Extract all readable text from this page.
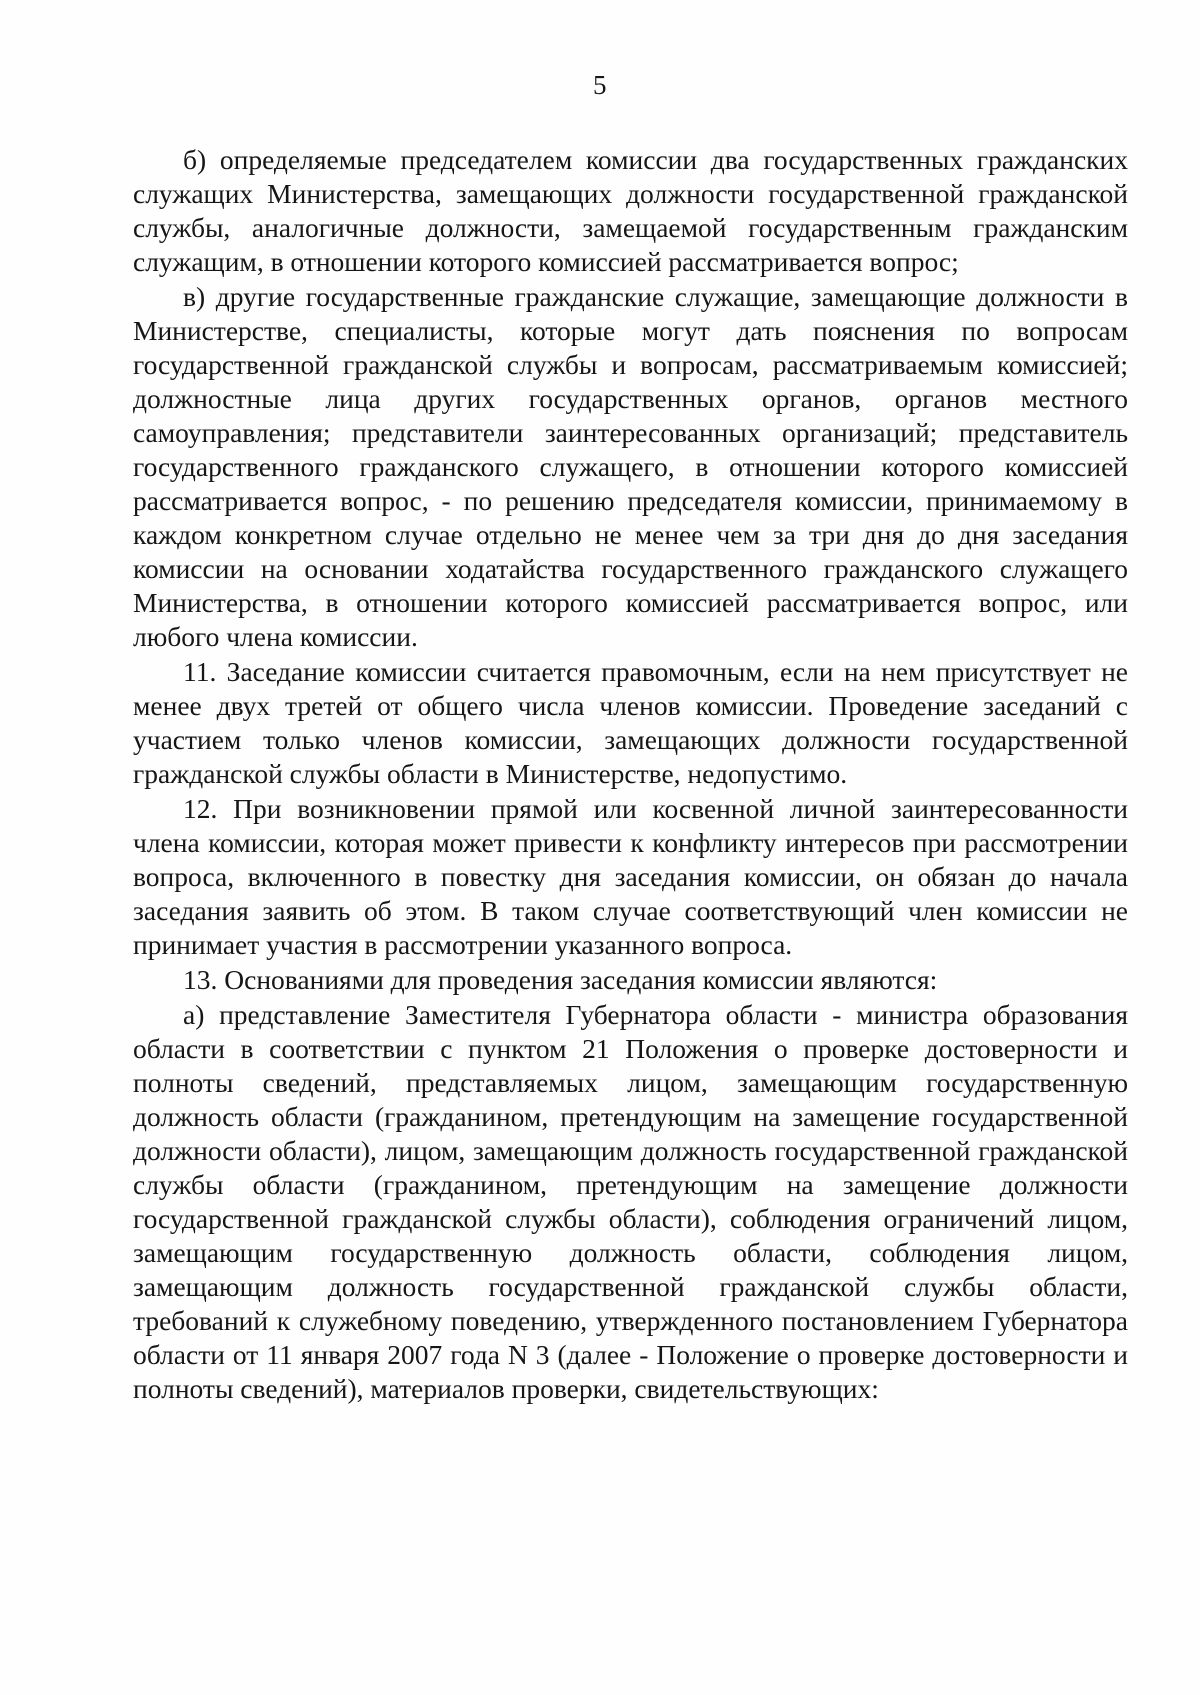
5

б) определяемые председателем комиссии два государственных гражданских служащих Министерства, замещающих должности государственной гражданской службы, аналогичные должности, замещаемой государственным гражданским служащим, в отношении которого комиссией рассматривается вопрос;

в) другие государственные гражданские служащие, замещающие должности в Министерстве, специалисты, которые могут дать пояснения по вопросам государственной гражданской службы и вопросам, рассматриваемым комиссией; должностные лица других государственных органов, органов местного самоуправления; представители заинтересованных организаций; представитель государственного гражданского служащего, в отношении которого комиссией рассматривается вопрос, - по решению председателя комиссии, принимаемому в каждом конкретном случае отдельно не менее чем за три дня до дня заседания комиссии на основании ходатайства государственного гражданского служащего Министерства, в отношении которого комиссией рассматривается вопрос, или любого члена комиссии.

11. Заседание комиссии считается правомочным, если на нем присутствует не менее двух третей от общего числа членов комиссии. Проведение заседаний с участием только членов комиссии, замещающих должности государственной гражданской службы области в Министерстве, недопустимо.

12. При возникновении прямой или косвенной личной заинтересованности члена комиссии, которая может привести к конфликту интересов при рассмотрении вопроса, включенного в повестку дня заседания комиссии, он обязан до начала заседания заявить об этом. В таком случае соответствующий член комиссии не принимает участия в рассмотрении указанного вопроса.

13. Основаниями для проведения заседания комиссии являются:

а) представление Заместителя Губернатора области - министра образования области в соответствии с пунктом 21 Положения о проверке достоверности и полноты сведений, представляемых лицом, замещающим государственную должность области (гражданином, претендующим на замещение государственной должности области), лицом, замещающим должность государственной гражданской службы области (гражданином, претендующим на замещение должности государственной гражданской службы области), соблюдения ограничений лицом, замещающим государственную должность области, соблюдения лицом, замещающим должность государственной гражданской службы области, требований к служебному поведению, утвержденного постановлением Губернатора области от 11 января 2007 года N 3 (далее - Положение о проверке достоверности и полноты сведений), материалов проверки, свидетельствующих:
